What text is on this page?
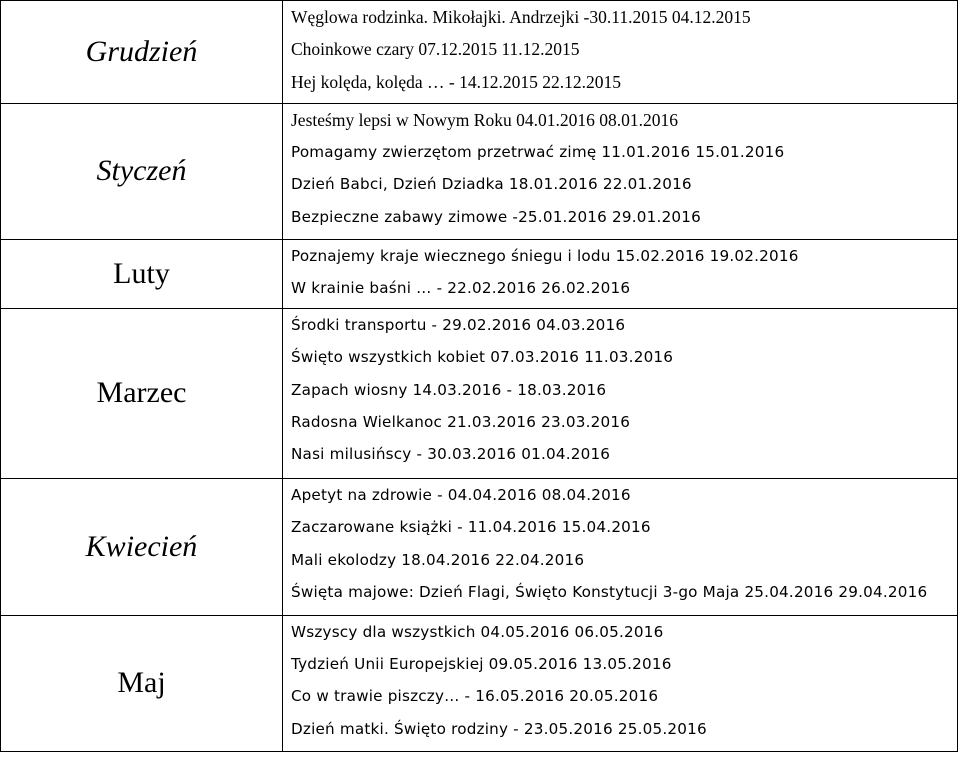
Grudzień	Węglowa rodzinka. Mikołajki. Andrzejki -30.11.2015 04.12.2015
Choinkowe czary 07.12.2015 11.12.2015
Hej kolęda, kolęda … - 14.12.2015 22.12.2015

Styczeń	Jesteśmy lepsi w Nowym Roku 04.01.2016 08.01.2016
Pomagamy zwierzętom przetrwać zimę 11.01.2016 15.01.2016
Dzień Babci, Dzień Dziadka 18.01.2016 22.01.2016
Bezpieczne zabawy zimowe -25.01.2016 29.01.2016

Luty	Poznajemy kraje wiecznego śniegu i lodu 15.02.2016 19.02.2016
W krainie baśni … - 22.02.2016 26.02.2016

Marzec	Środki transportu - 29.02.2016 04.03.2016
Święto wszystkich kobiet 07.03.2016 11.03.2016
Zapach wiosny 14.03.2016 - 18.03.2016
Radosna Wielkanoc 21.03.2016 23.03.2016
Nasi milusińscy - 30.03.2016 01.04.2016

Kwiecień	Apetyt na zdrowie - 04.04.2016 08.04.2016
Zaczarowane książki - 11.04.2016 15.04.2016
Mali ekolodzy 18.04.2016 22.04.2016
Święta majowe: Dzień Flagi, Święto Konstytucji 3-go Maja 25.04.2016 29.04.2016

Maj	Wszyscy dla wszystkich 04.05.2016 06.05.2016
Tydzień Unii Europejskiej 09.05.2016 13.05.2016
Co w trawie piszczy… - 16.05.2016 20.05.2016
Dzień matki. Święto rodziny - 23.05.2016 25.05.2016
